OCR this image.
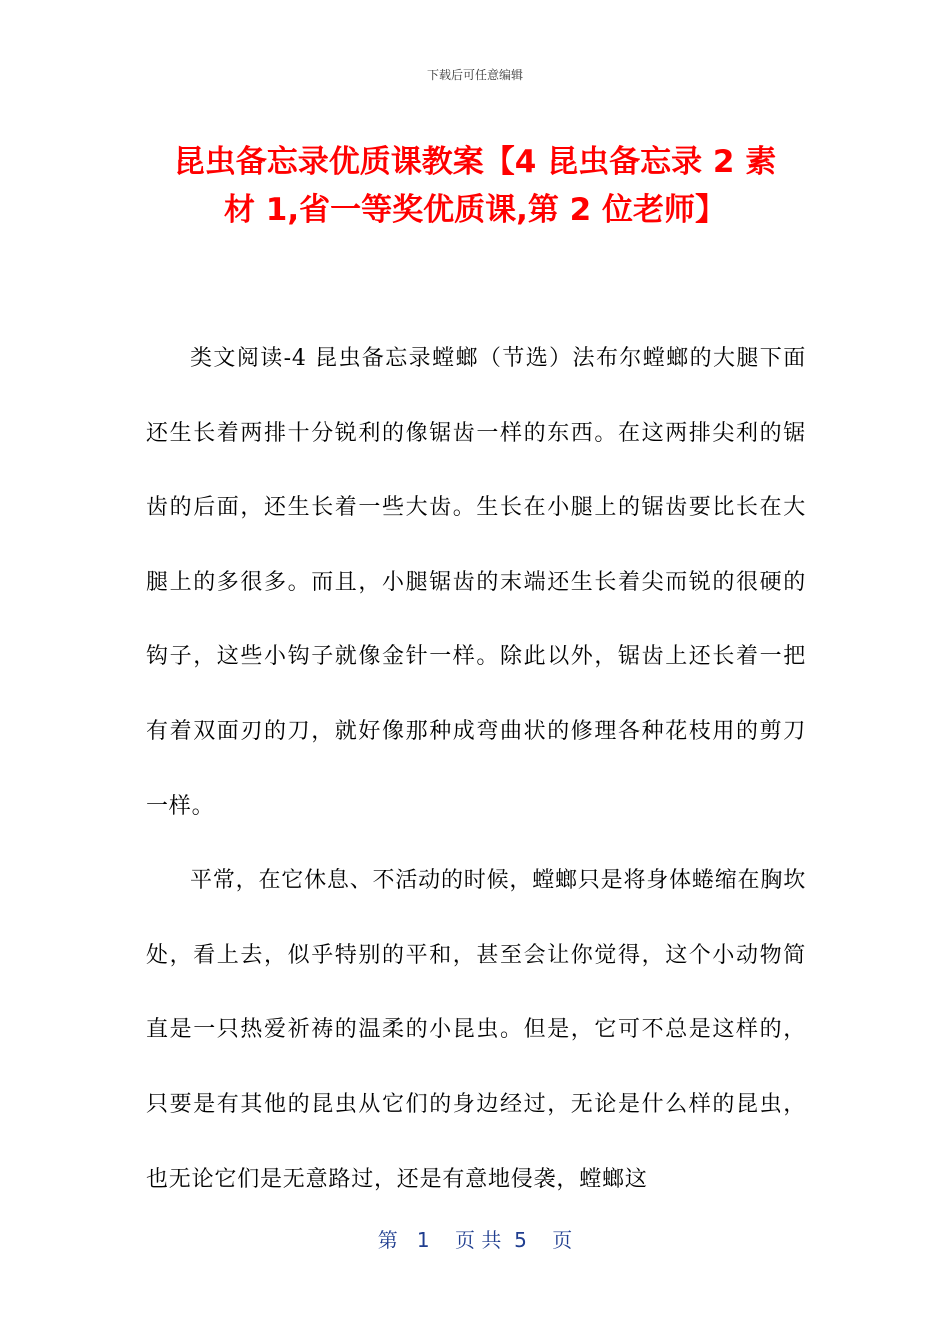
下载后可任意编辑
昆虫备忘录优质课教案【4 昆虫备忘录 2 素
材 1,省一等奖优质课,第 2 位老师】

类文阅读-4 昆虫备忘录螳螂（节选）法布尔螳螂的大腿下面还生长着两排十分锐利的像锯齿一样的东西。在这两排尖利的锯齿的后面，还生长着一些大齿。生长在小腿上的锯齿要比长在大腿上的多很多。而且，小腿锯齿的末端还生长着尖而锐的很硬的钩子，这些小钩子就像金针一样。除此以外，锯齿上还长着一把有着双面刃的刀，就好像那种成弯曲状的修理各种花枝用的剪刀一样。

平常，在它休息、不活动的时候，螳螂只是将身体蜷缩在胸坎处，看上去，似乎特别的平和，甚至会让你觉得，这个小动物简直是一只热爱祈祷的温柔的小昆虫。但是，它可不总是这样的，只要是有其他的昆虫从它们的身边经过，无论是什么样的昆虫，也无论它们是无意路过，还是有意地侵袭，螳螂这

第   1    页 共  5    页
